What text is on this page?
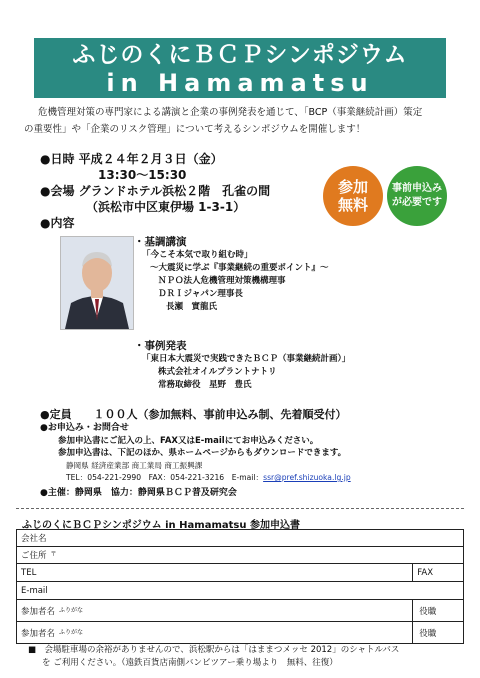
ふじのくにＢＣＰシンポジウム
in Hamamatsu
危機管理対策の専門家による講演と企業の事例発表を通じて、「BCP（事業継続計画）策定
の重要性」や「企業のリスク管理」について考えるシンポジウムを開催します！
●日時 平成２４年２月３日（金）
13:30～15:30
●会場 グランドホテル浜松２階　孔雀の間
（浜松市中区東伊場 1-3-1）
●内容
参加
無料
事前申込み
が必要です
・基調講演
「今こそ本気で取り組む時」
～大震災に学ぶ『事業継続の重要ポイント』～
ＮＰＯ法人危機管理対策機構理事
ＤＲＩジャパン理事長
長瀬　實龍氏
・事例発表
「東日本大震災で実践できたＢＣＰ（事業継続計画）」
株式会社オイルプラントナトリ
常務取締役　星野　豊氏
●定員 １００人（参加無料、事前申込み制、先着順受付）
●お申込み・お問合せ
参加申込書にご記入の上、FAX又はE-mailにてお申込みください。
参加申込書は、下記のほか、県ホームページからもダウンロードできます。
静岡県 経済産業部 商工業局 商工振興課
TEL：054-221-2990　FAX：054-221-3216　E-mail：ssr@pref.shizuoka.lg.jp
●主催：静岡県　協力：静岡県ＢＣＰ普及研究会
ふじのくにＢＣＰシンポジウム in Hamamatsu 参加申込書
会社名	
ご住所 〒
TEL	FAX
E-mail	
参加者名 $^{ふりがな}$	役職
参加者名 $^{ふりがな}$	役職
■　会場駐車場の余裕がありませんので、浜松駅からは「はままつメッセ 2012」のシャトルバス
を ご利用ください。（遠鉄百貨店南側バンビツアー乗り場より　無料、往復）
